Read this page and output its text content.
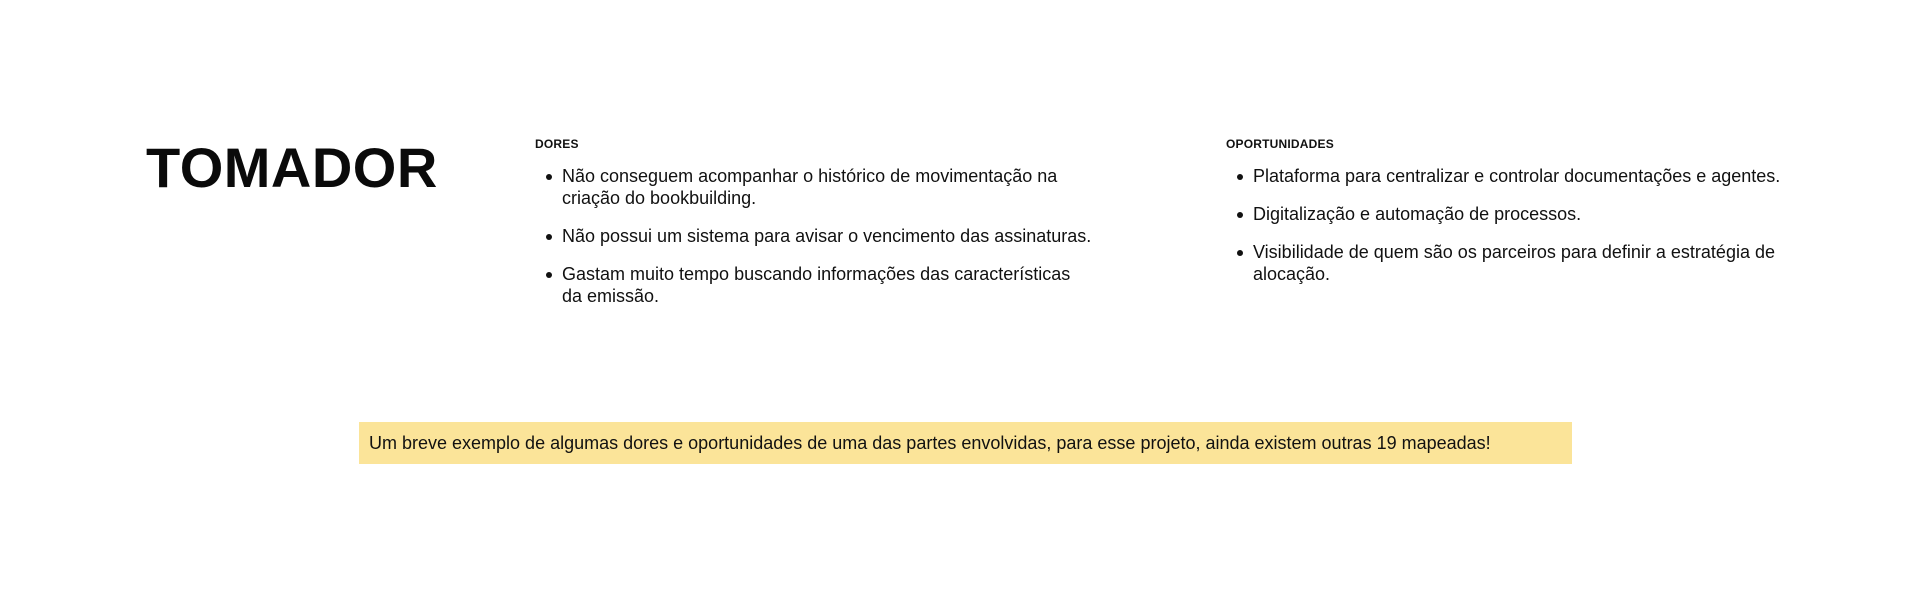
TOMADOR	DORES
Não conseguem acompanhar o histórico de movimentação na criação do bookbuilding.
Não possui um sistema para avisar o vencimento das assinaturas.
Gastam muito tempo buscando informações das características da emissão.
OPORTUNIDADES
Plataforma para centralizar e controlar documentações e agentes.
Digitalização e automação de processos.
Visibilidade de quem são os parceiros para definir a estratégia de alocação.
Um breve exemplo de algumas dores e oportunidades de uma das partes envolvidas, para esse projeto, ainda existem outras 19 mapeadas!
